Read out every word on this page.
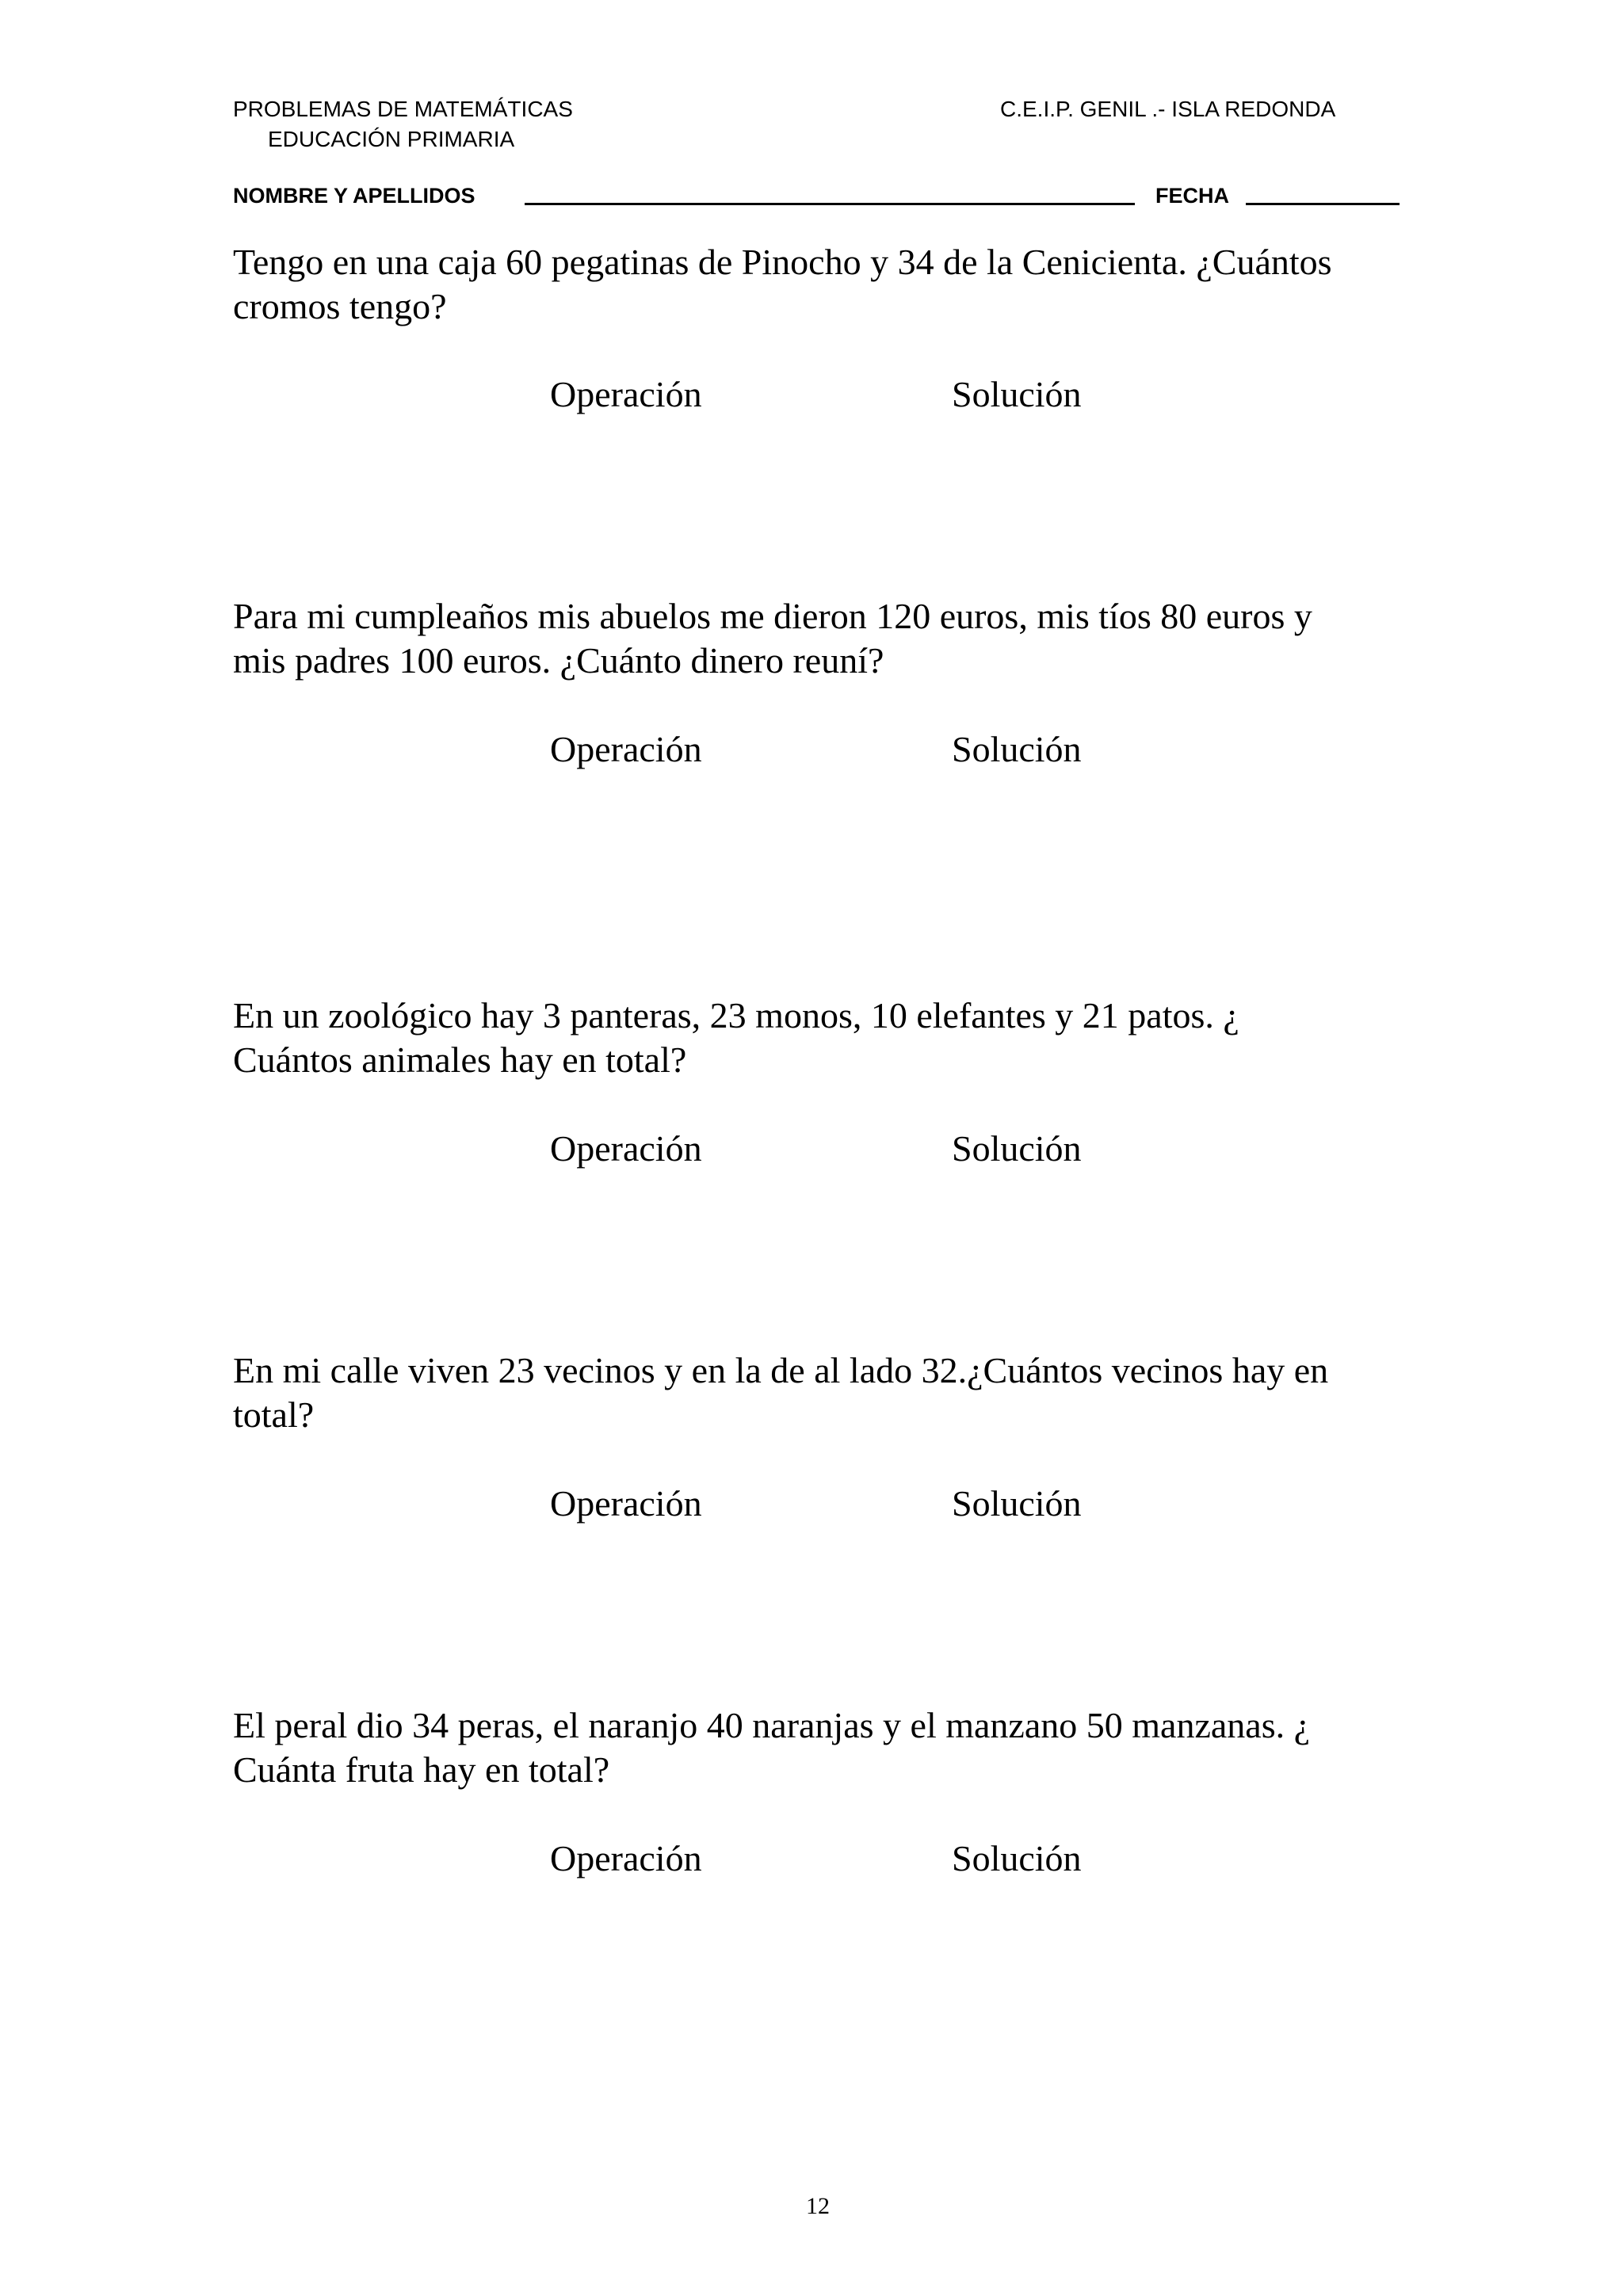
PROBLEMAS DE MATEMÁTICAS
EDUCACIÓN PRIMARIA
C.E.I.P. GENIL .- ISLA REDONDA
NOMBRE Y APELLIDOS	FECHA
Tengo en una caja 60 pegatinas de Pinocho y 34 de la Cenicienta. ¿Cuántos
cromos tengo?
Operación	Solución
Para mi cumpleaños mis abuelos me dieron 120 euros, mis tíos 80 euros y
mis padres 100 euros. ¿Cuánto dinero reuní?
Operación	Solución
En un zoológico hay 3 panteras, 23 monos, 10 elefantes y 21 patos. ¿
Cuántos animales hay en total?
Operación	Solución
En mi calle viven 23 vecinos y en la de al lado 32.¿Cuántos vecinos hay en
total?
Operación	Solución
El peral dio 34 peras, el naranjo 40 naranjas y el manzano 50 manzanas. ¿
Cuánta fruta hay en total?
Operación	Solución
12
